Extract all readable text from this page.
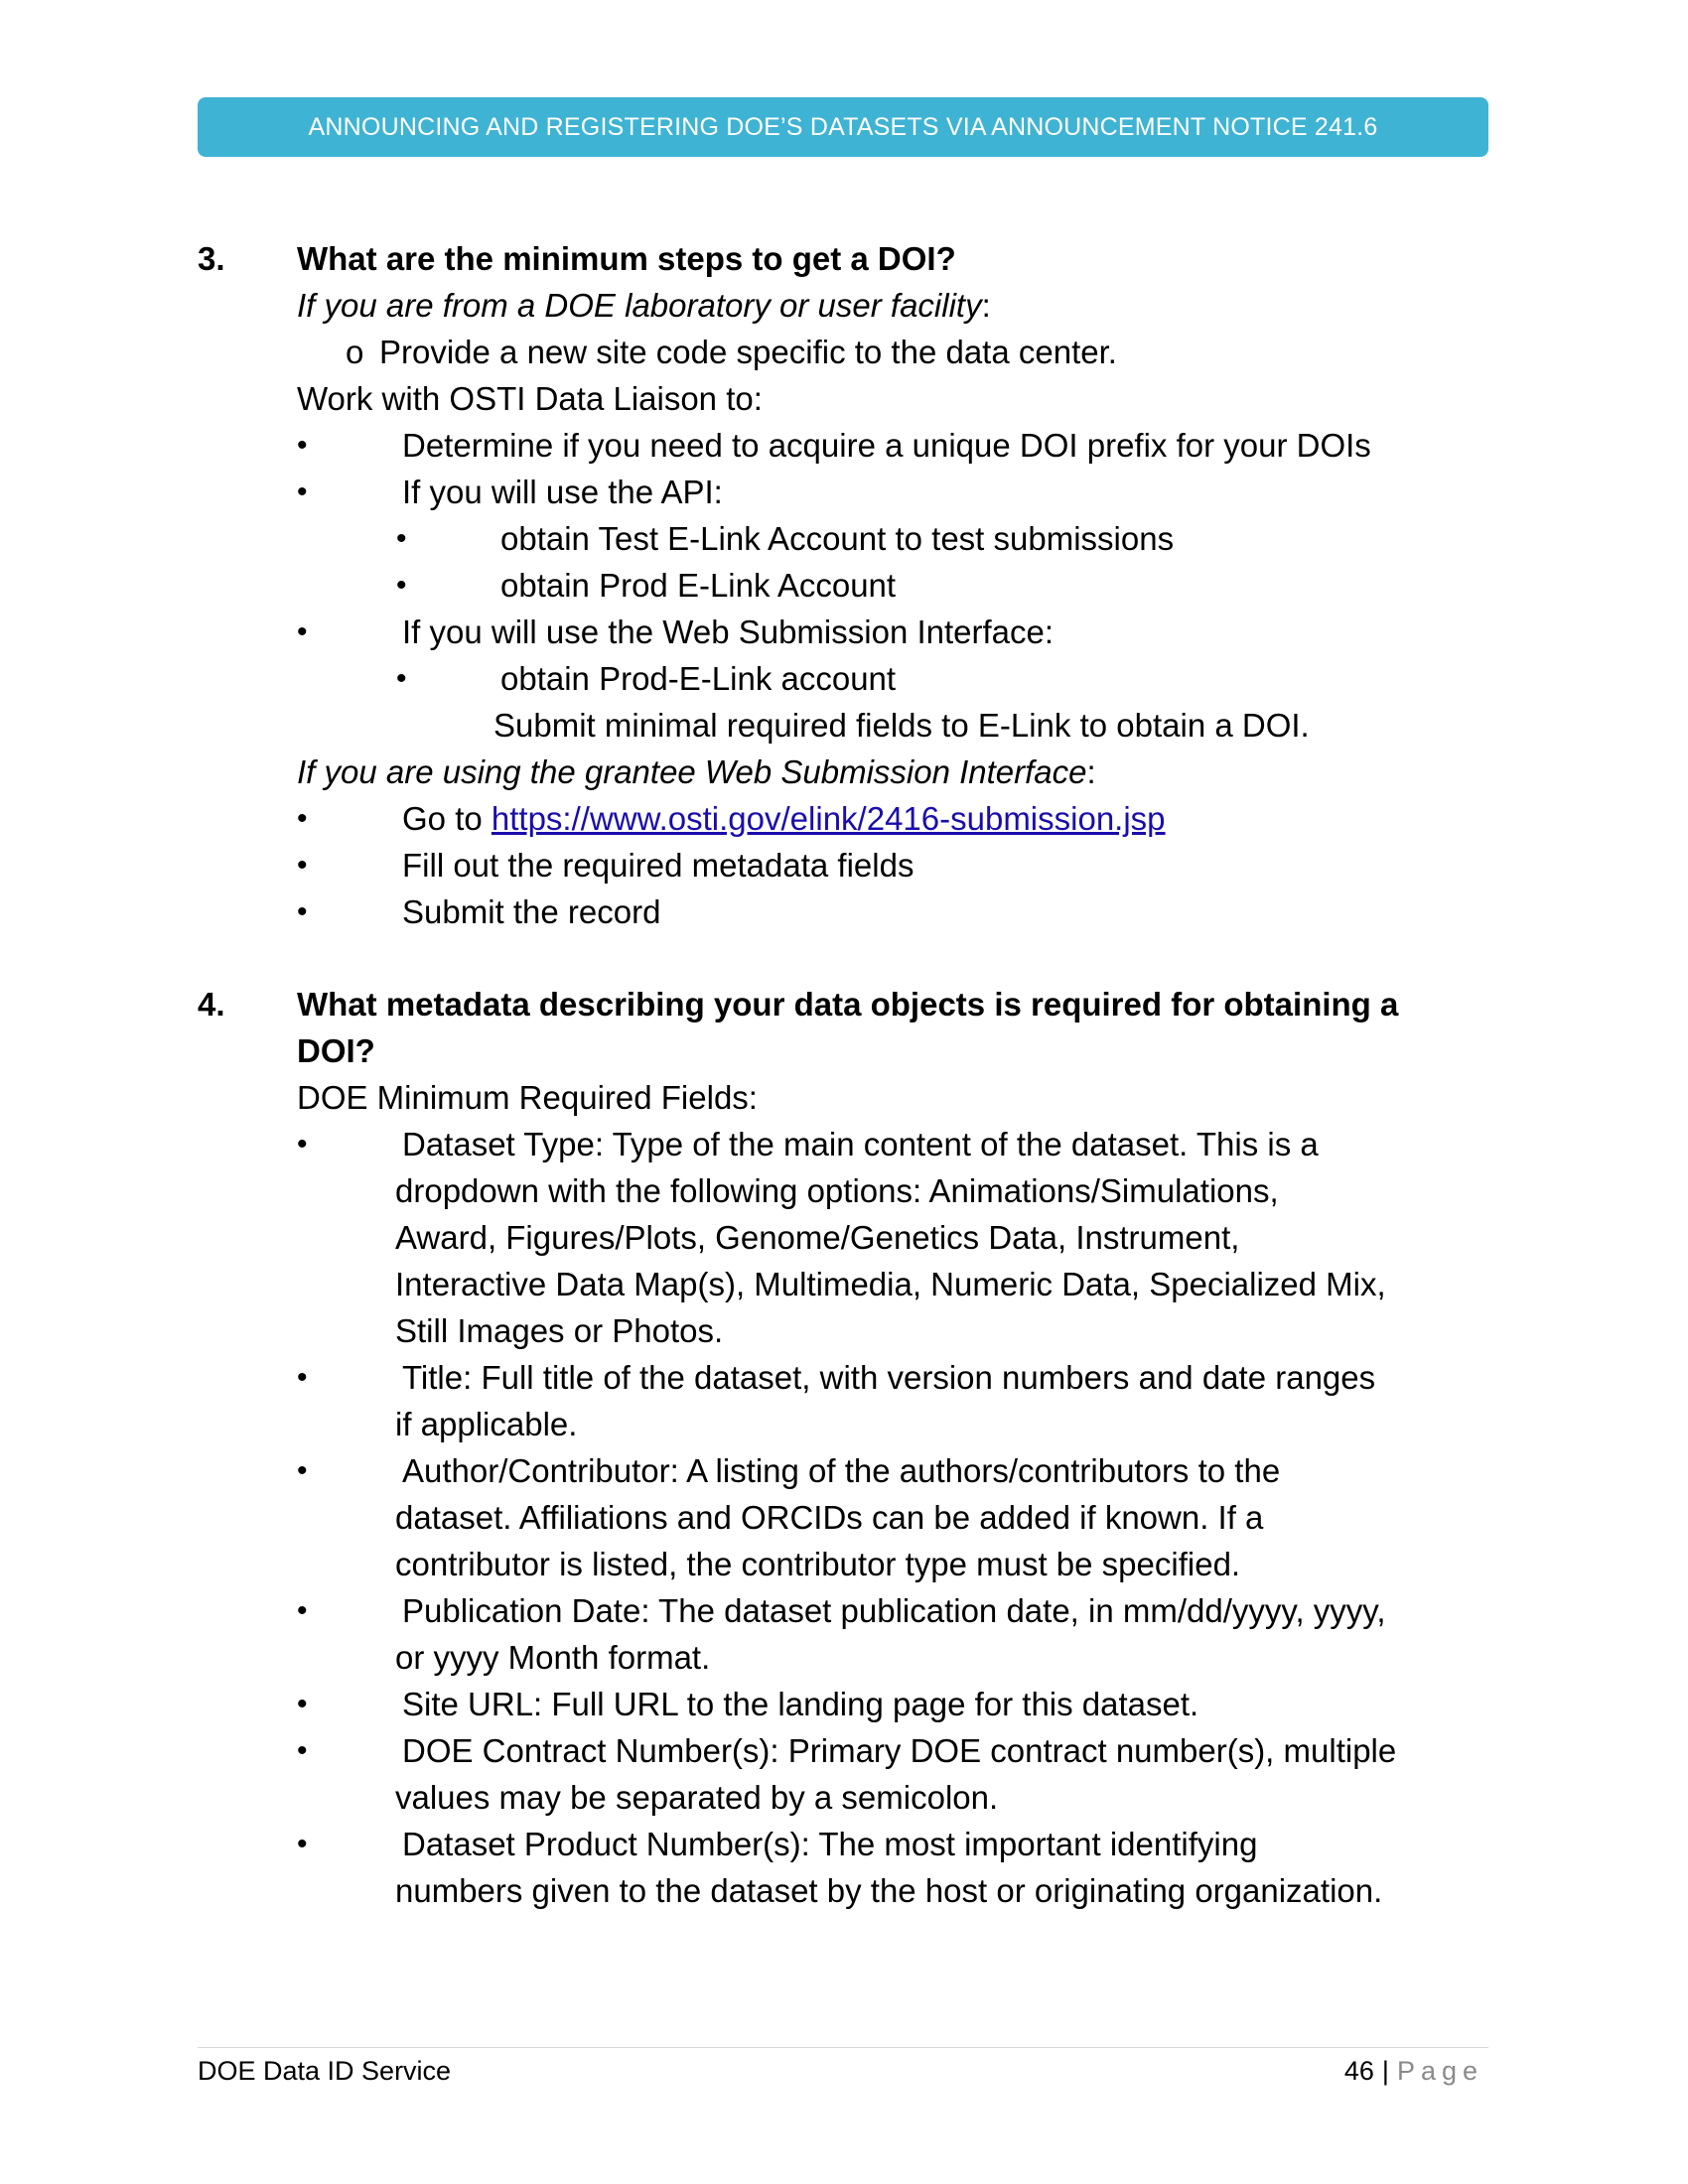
ANNOUNCING AND REGISTERING DOE’S DATASETS VIA ANNOUNCEMENT NOTICE 241.6
3. What are the minimum steps to get a DOI?
If you are from a DOE laboratory or user facility:
o Provide a new site code specific to the data center.
Work with OSTI Data Liaison to:
•	Determine if you need to acquire a unique DOI prefix for your DOIs
•	If you will use the API:
•	obtain Test E-Link Account to test submissions
•	obtain Prod E-Link Account
•	If you will use the Web Submission Interface:
•	obtain Prod-E-Link account
Submit minimal required fields to E-Link to obtain a DOI.
If you are using the grantee Web Submission Interface:
•	Go to https://www.osti.gov/elink/2416-submission.jsp
•	Fill out the required metadata fields
•	Submit the record
4. What metadata describing your data objects is required for obtaining a
DOI?
DOE Minimum Required Fields:
•	Dataset Type: Type of the main content of the dataset. This is a
dropdown with the following options: Animations/Simulations,
Award, Figures/Plots, Genome/Genetics Data, Instrument,
Interactive Data Map(s), Multimedia, Numeric Data, Specialized Mix,
Still Images or Photos.
•	Title: Full title of the dataset, with version numbers and date ranges
if applicable.
•	Author/Contributor: A listing of the authors/contributors to the
dataset. Affiliations and ORCIDs can be added if known. If a
contributor is listed, the contributor type must be specified.
•	Publication Date: The dataset publication date, in mm/dd/yyyy, yyyy,
or yyyy Month format.
•	Site URL: Full URL to the landing page for this dataset.
•	DOE Contract Number(s): Primary DOE contract number(s), multiple
values may be separated by a semicolon.
•	Dataset Product Number(s): The most important identifying
numbers given to the dataset by the host or originating organization.
DOE Data ID Service	46 | Page
